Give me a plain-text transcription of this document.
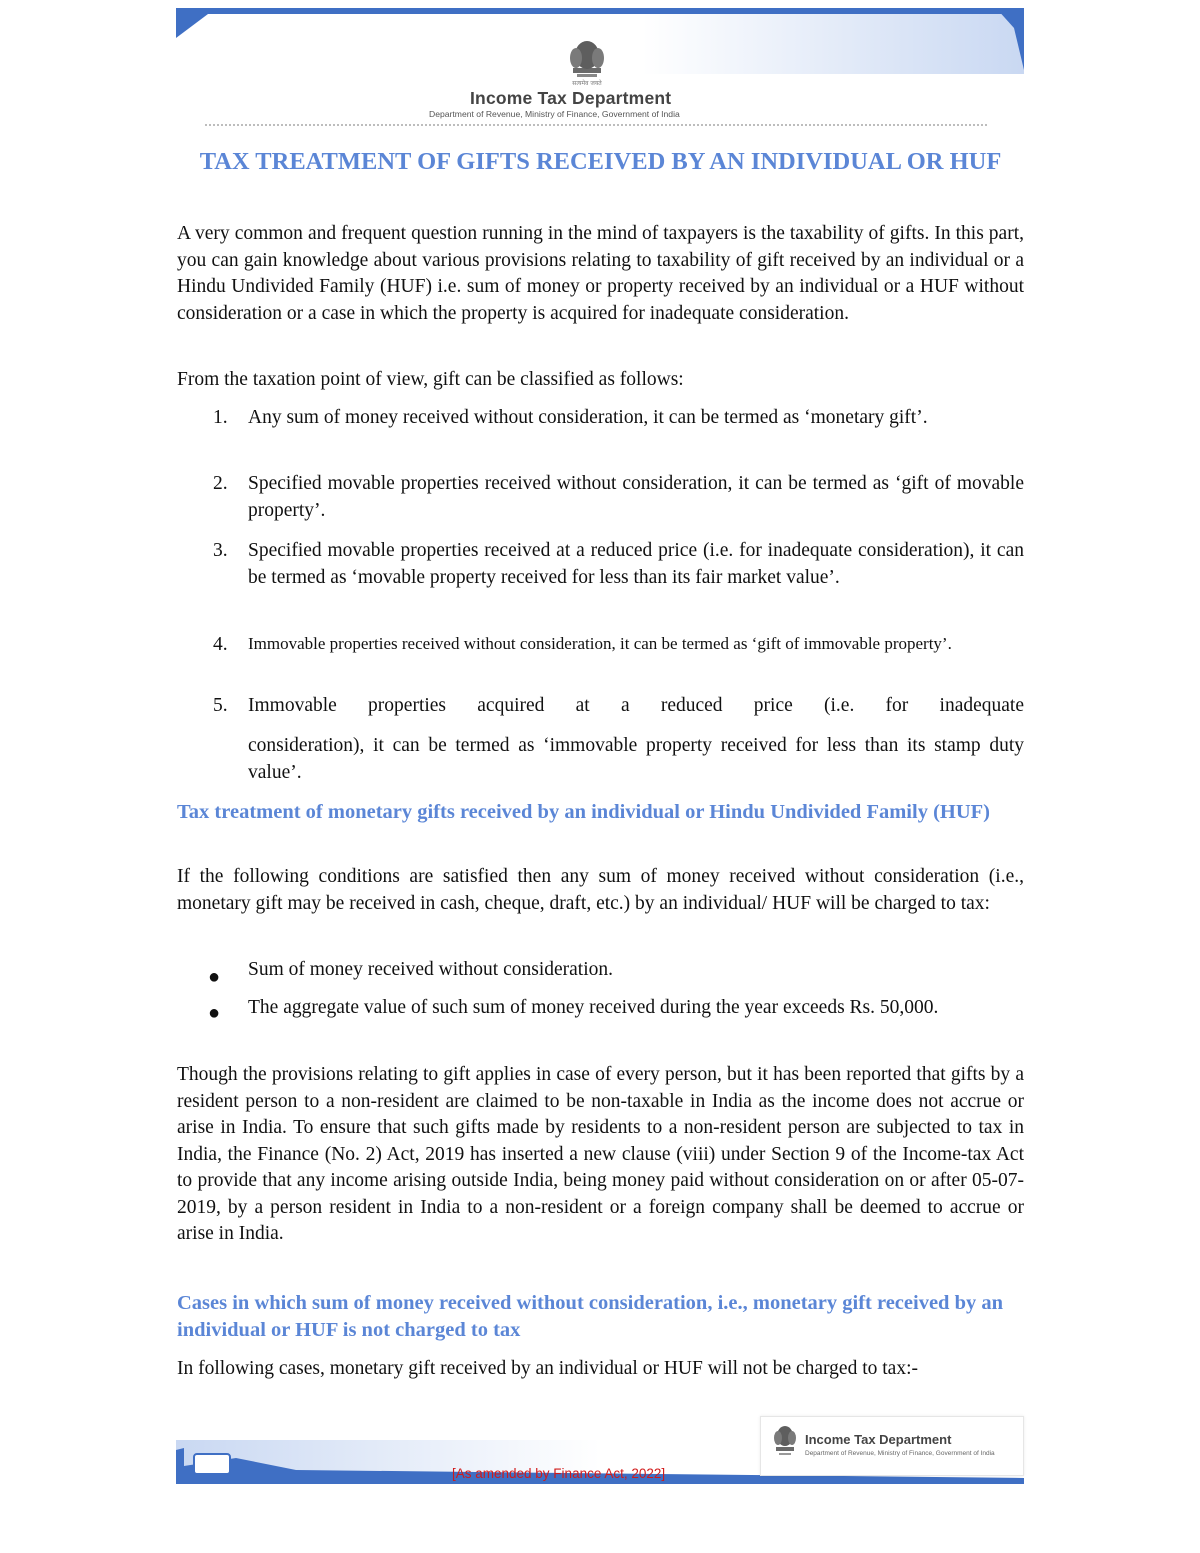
सत्यमेव जयते
Income Tax Department
Department of Revenue, Ministry of Finance, Government of India
TAX TREATMENT OF GIFTS RECEIVED BY AN INDIVIDUAL OR HUF

A very common and frequent question running in the mind of taxpayers is the taxability of gifts. In this part, you can gain knowledge about various provisions relating to taxability of gift received by an individual or a Hindu Undivided Family (HUF) i.e. sum of money or property received by an individual or a HUF without consideration or a case in which the property is acquired for inadequate consideration.

From the taxation point of view, gift can be classified as follows:

1.	Any sum of money received without consideration, it can be termed as ‘monetary gift’.
2.	Specified movable properties received without consideration, it can be termed as ‘gift of movable property’.
3.	Specified movable properties received at a reduced price (i.e. for inadequate consideration), it can be termed as ‘movable property received for less than its fair market value’.
4.	Immovable properties received without consideration, it can be termed as ‘gift of immovable property’.
5.	Immovable properties acquired at a reduced price (i.e. for inadequate
consideration), it can be termed as ‘immovable property received for less than its stamp duty value’.
Tax treatment of monetary gifts received by an individual or Hindu Undivided Family (HUF)

If the following conditions are satisfied then any sum of money received without consideration (i.e., monetary gift may be received in cash, cheque, draft, etc.) by an individual/ HUF will be charged to tax:

● Sum of money received without consideration.
● The aggregate value of such sum of money received during the year exceeds Rs. 50,000.

Though the provisions relating to gift applies in case of every person, but it has been reported that gifts by a resident person to a non-resident are claimed to be non-taxable in India as the income does not accrue or arise in India. To ensure that such gifts made by residents to a non-resident person are subjected to tax in India, the Finance (No. 2) Act, 2019 has inserted a new clause (viii) under Section 9 of the Income-tax Act to provide that any income arising outside India, being money paid without consideration on or after 05-07-2019, by a person resident in India to a non-resident or a foreign company shall be deemed to accrue or arise in India.

Cases in which sum of money received without consideration, i.e., monetary gift received by an individual or HUF is not charged to tax

In following cases, monetary gift received by an individual or HUF will not be charged to tax:-

Income Tax Department
Department of Revenue, Ministry of Finance, Government of India
[As amended by Finance Act, 2022]
